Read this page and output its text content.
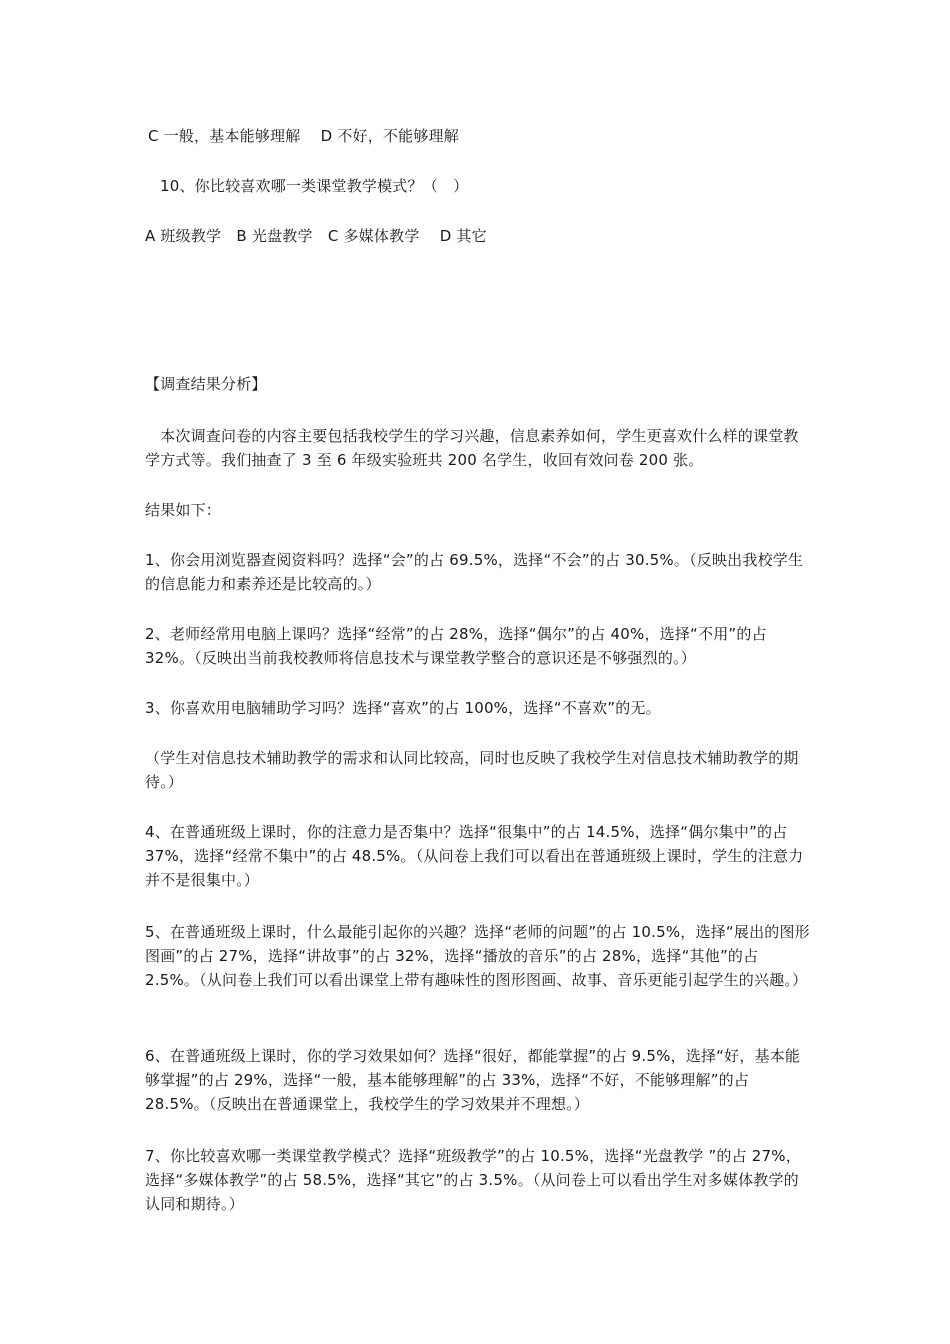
C 一般，基本能够理解　 D 不好，不能够理解

10、你比较喜欢哪一类课堂教学模式？（　）

A 班级教学　B 光盘教学　C 多媒体教学　 D 其它

【调查结果分析】

　本次调查问卷的内容主要包括我校学生的学习兴趣，信息素养如何，学生更喜欢什么样的课堂教学方式等。我们抽查了 3 至 6 年级实验班共 200 名学生，收回有效问卷 200 张。

结果如下：

1、你会用浏览器查阅资料吗？选择“会”的占 69.5%，选择“不会”的占 30.5%。（反映出我校学生的信息能力和素养还是比较高的。）

2、老师经常用电脑上课吗？选择“经常”的占 28%，选择“偶尔”的占 40%，选择“不用”的占 32%。（反映出当前我校教师将信息技术与课堂教学整合的意识还是不够强烈的。）

3、你喜欢用电脑辅助学习吗？选择“喜欢”的占 100%，选择“不喜欢”的无。

（学生对信息技术辅助教学的需求和认同比较高，同时也反映了我校学生对信息技术辅助教学的期待。）

4、在普通班级上课时，你的注意力是否集中？选择“很集中”的占 14.5%，选择“偶尔集中”的占 37%，选择“经常不集中”的占 48.5%。（从问卷上我们可以看出在普通班级上课时，学生的注意力并不是很集中。）

5、在普通班级上课时，什么最能引起你的兴趣？选择“老师的问题”的占 10.5%，选择“展出的图形图画”的占 27%，选择“讲故事”的占 32%，选择“播放的音乐”的占 28%，选择“其他”的占 2.5%。（从问卷上我们可以看出课堂上带有趣味性的图形图画、故事、音乐更能引起学生的兴趣。）

6、在普通班级上课时，你的学习效果如何？选择“很好，都能掌握”的占 9.5%，选择“好，基本能够掌握”的占 29%，选择“一般，基本能够理解”的占 33%，选择“不好，不能够理解”的占 28.5%。（反映出在普通课堂上，我校学生的学习效果并不理想。）

7、你比较喜欢哪一类课堂教学模式？选择“班级教学”的占 10.5%，选择“光盘教学 ”的占 27%，选择“多媒体教学”的占 58.5%，选择“其它”的占 3.5%。（从问卷上可以看出学生对多媒体教学的认同和期待。）
